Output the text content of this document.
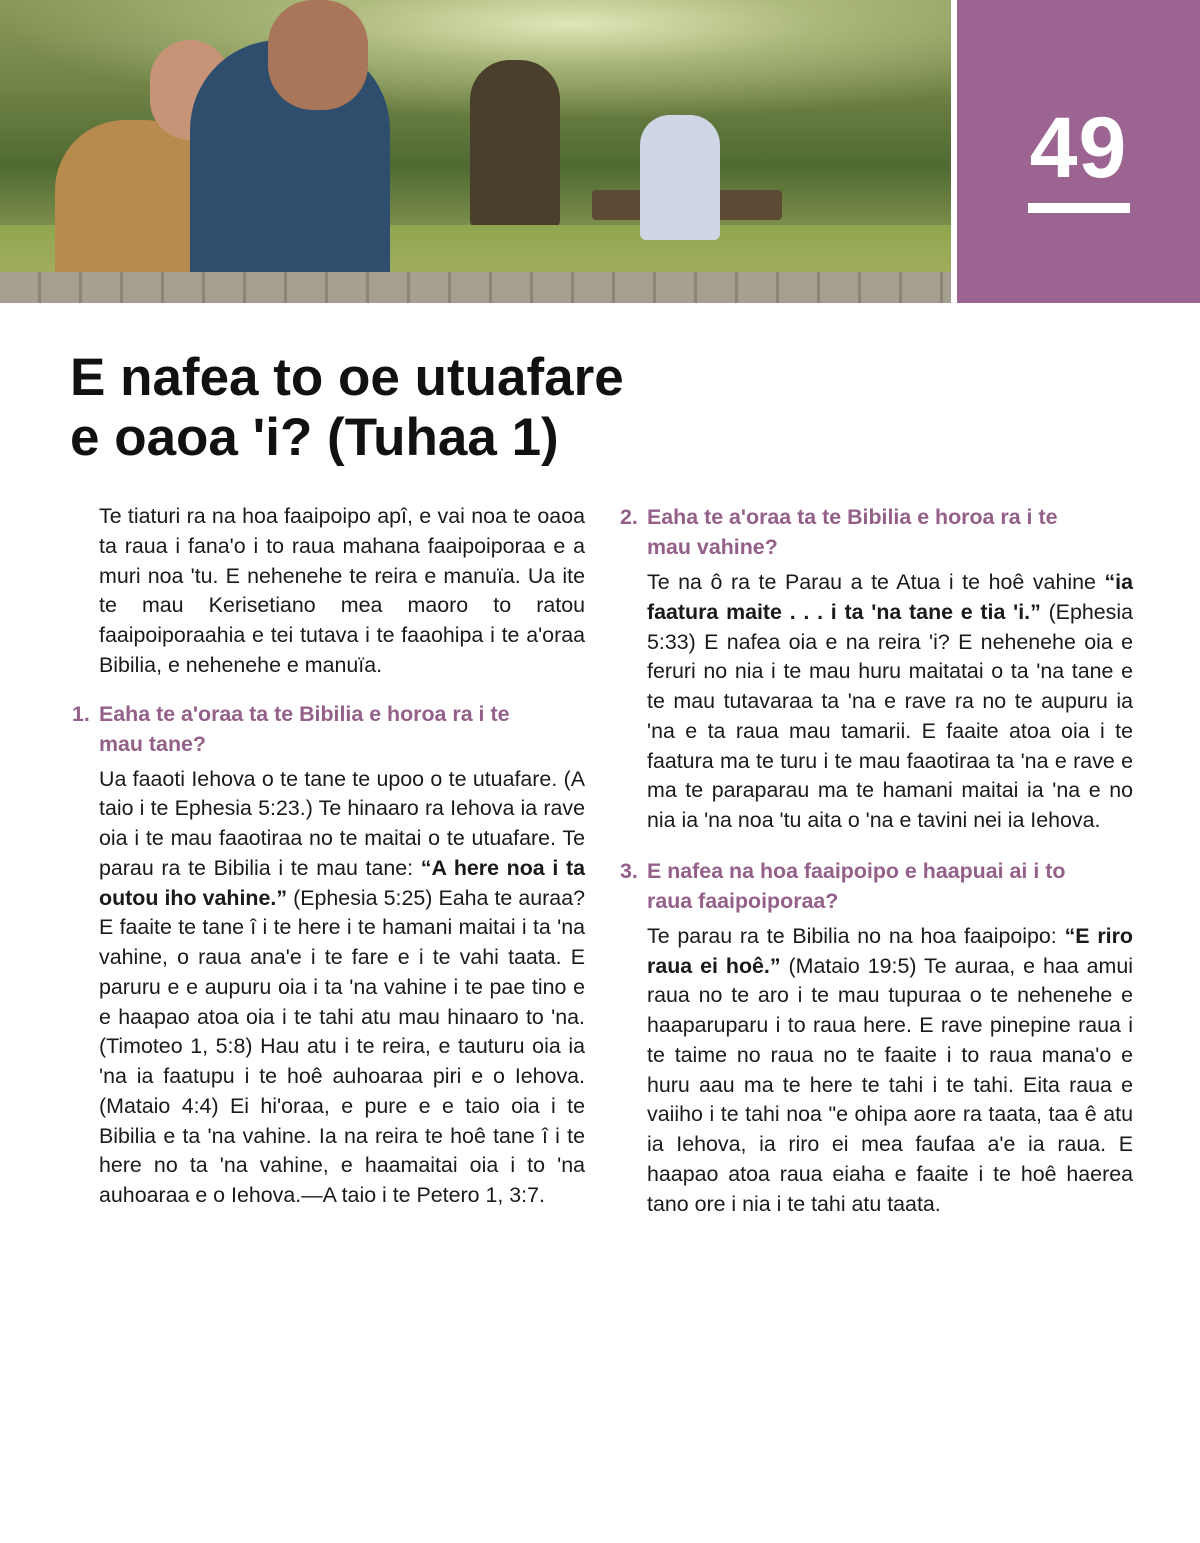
49
E nafea to oe utuafare
e oaoa 'i? (Tuhaa 1)

Te tiaturi ra na hoa faaipoipo apî, e vai noa te oaoa ta raua i fana'o i to raua mahana faaipoiporaa e a muri noa 'tu. E nehenehe te reira e manuïa. Ua ite te mau Kerisetiano mea maoro to ratou faaipoiporaahia e tei tutava i te faaohipa i te a'oraa Bibilia, e nehenehe e manuïa.

1. Eaha te a'oraa ta te Bibilia e horoa ra i te mau tane?

Ua faaoti Iehova o te tane te upoo o te utuafare. (A taio i te Ephesia 5:23.) Te hinaaro ra Iehova ia rave oia i te mau faaotiraa no te maitai o te utuafare. Te parau ra te Bibilia i te mau tane: “A here noa i ta outou iho vahine.” (Ephesia 5:25) Eaha te auraa? E faaite te tane î i te here i te hamani maitai i ta 'na vahine, o raua ana'e i te fare e i te vahi taata. E paruru e e aupuru oia i ta 'na vahine i te pae tino e e haapao atoa oia i te tahi atu mau hinaaro to 'na. (Timoteo 1, 5:8) Hau atu i te reira, e tauturu oia ia 'na ia faatupu i te hoê auhoaraa piri e o Iehova. (Mataio 4:4) Ei hi'oraa, e pure e e taio oia i te Bibilia e ta 'na vahine. Ia na reira te hoê tane î i te here no ta 'na vahine, e haamaitai oia i to 'na auhoaraa e o Iehova.—A taio i te Petero 1, 3:7.

2. Eaha te a'oraa ta te Bibilia e horoa ra i te mau vahine?

Te na ô ra te Parau a te Atua i te hoê vahine “ia faatura maite . . . i ta 'na tane e tia 'i.” (Ephesia 5:33) E nafea oia e na reira 'i? E nehenehe oia e feruri no nia i te mau huru maitatai o ta 'na tane e te mau tutavaraa ta 'na e rave ra no te aupuru ia 'na e ta raua mau tamarii. E faaite atoa oia i te faatura ma te turu i te mau faaotiraa ta 'na e rave e ma te paraparau ma te hamani maitai ia 'na e no nia ia 'na noa 'tu aita o 'na e tavini nei ia Iehova.

3. E nafea na hoa faaipoipo e haapuai ai i to raua faaipoiporaa?

Te parau ra te Bibilia no na hoa faaipoipo: “E riro raua ei hoê.” (Mataio 19:5) Te auraa, e haa amui raua no te aro i te mau tupuraa o te nehenehe e haaparuparu i to raua here. E rave pinepine raua i te taime no raua no te faaite i to raua mana'o e huru aau ma te here te tahi i te tahi. Eita raua e vaiiho i te tahi noa "e ohipa aore ra taata, taa ê atu ia Iehova, ia riro ei mea faufaa a'e ia raua. E haapao atoa raua eiaha e faaite i te hoê haerea tano ore i nia i te tahi atu taata.
